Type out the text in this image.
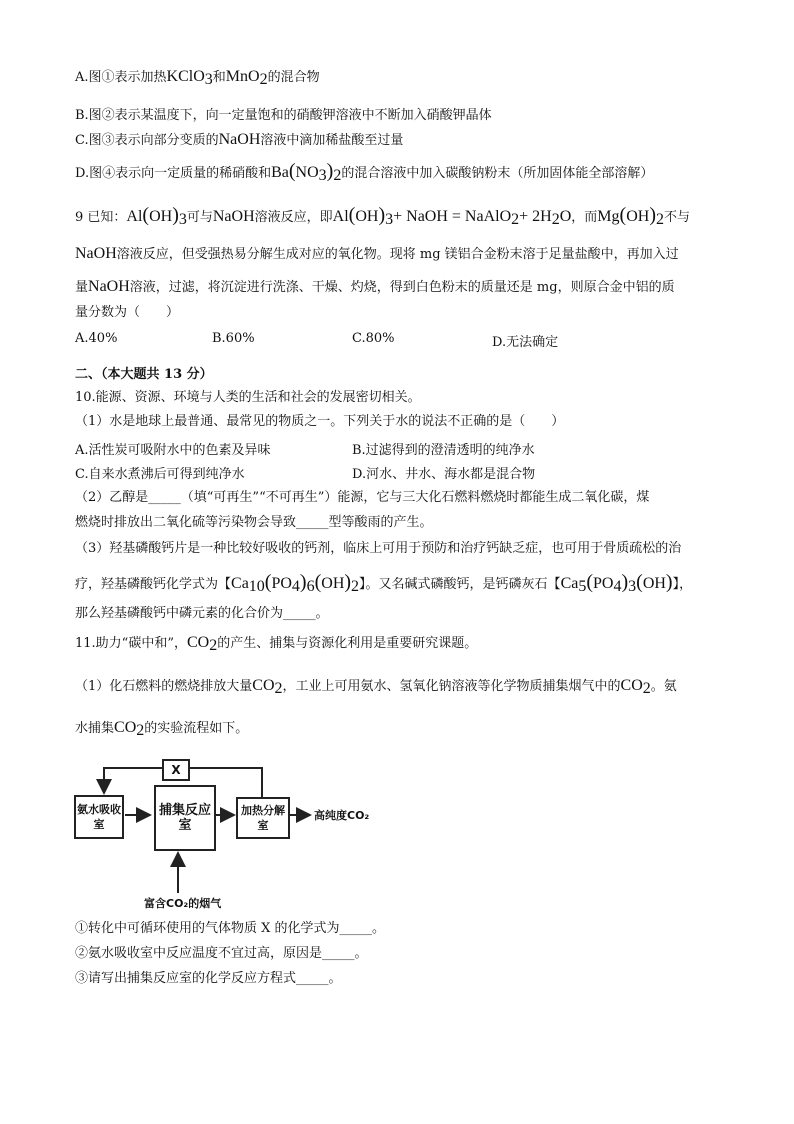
A.图①表示加热KClO$_3$和MnO$_2$的混合物
B.图②表示某温度下，向一定量饱和的硝酸钾溶液中不断加入硝酸钾晶体
C.图③表示向部分变质的NaOH溶液中滴加稀盐酸至过量
D.图④表示向一定质量的稀硝酸和$Ba(NO_3)_2$的混合溶液中加入碳酸钠粉末（所加固体能全部溶解）
9 已知：$Al(OH)_3$可与NaOH溶液反应，即$Al(OH)_3+$ NaOH = NaAlO$_2$+ $2H_2O$，而$Mg(OH)_2$不与
NaOH溶液反应，但受强热易分解生成对应的氧化物。现将 mg 镁铝合金粉末溶于足量盐酸中，再加入过
量NaOH溶液，过滤，将沉淀进行洗涤、干燥、灼烧，得到白色粉末的质量还是 mg，则原合金中铝的质
量分数为（　　）
A.40%	B.60%	C.80%	D.无法确定
二、（本大题共 13 分）
10.能源、资源、环境与人类的生活和社会的发展密切相关。
（1）水是地球上最普通、最常见的物质之一。下列关于水的说法不正确的是（　　）
A.活性炭可吸附水中的色素及异味	B.过滤得到的澄清透明的纯净水
C.自来水煮沸后可得到纯净水	D.河水、井水、海水都是混合物
（2）乙醇是_____（填“可再生”“不可再生”）能源，它与三大化石燃料燃烧时都能生成二氧化碳，煤
燃烧时排放出二氧化硫等污染物会导致_____型等酸雨的产生。
（3）羟基磷酸钙片是一种比较好吸收的钙剂，临床上可用于预防和治疗钙缺乏症，也可用于骨质疏松的治
疗，羟基磷酸钙化学式为【$Ca_{10}(PO_4)_6(OH)_2$】。又名碱式磷酸钙，是钙磷灰石【$Ca_5(PO_4)_3(OH)$】，
那么羟基磷酸钙中磷元素的化合价为_____。
11.助力“碳中和”，$CO_2$的产生、捕集与资源化利用是重要研究课题。
（1）化石燃料的燃烧排放大量$CO_2$，工业上可用氨水、氢氧化钠溶液等化学物质捕集烟气中的$CO_2$。氨
水捕集$CO_2$的实验流程如下。
X
氨水吸收室
捕集反应室
加热分解室
高纯度CO₂
富含CO₂的烟气
①转化中可循环使用的气体物质 X 的化学式为_____。
②氨水吸收室中反应温度不宜过高，原因是_____。
③请写出捕集反应室的化学反应方程式_____。
